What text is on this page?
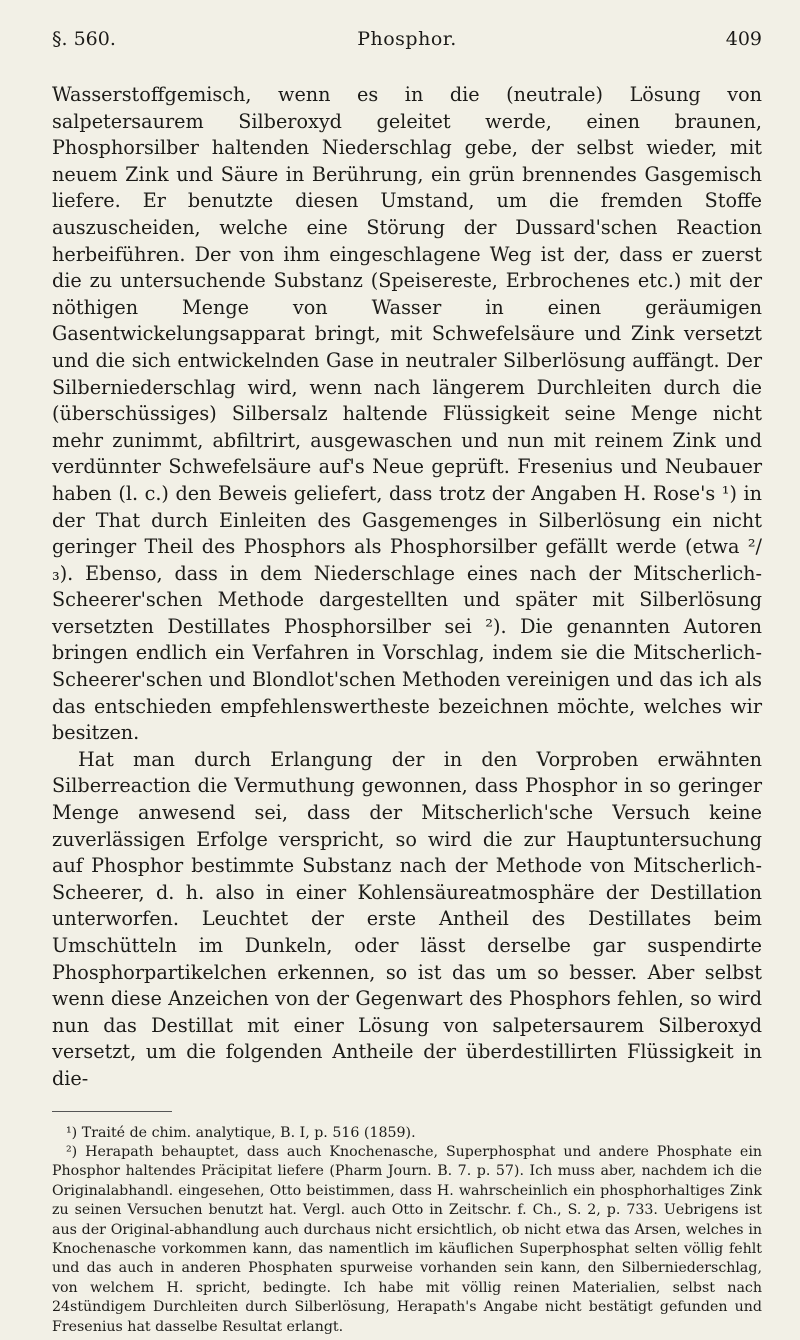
§. 560.	Phosphor.	409

Wasserstoffgemisch, wenn es in die (neutrale) Lösung von salpetersaurem Silberoxyd geleitet werde, einen braunen, Phosphorsilber haltenden Niederschlag gebe, der selbst wieder, mit neuem Zink und Säure in Berührung, ein grün brennendes Gasgemisch liefere. Er benutzte diesen Umstand, um die fremden Stoffe auszuscheiden, welche eine Störung der Dussard'schen Reaction herbeiführen. Der von ihm eingeschlagene Weg ist der, dass er zuerst die zu untersuchende Substanz (Speisereste, Erbrochenes etc.) mit der nöthigen Menge von Wasser in einen geräumigen Gasentwickelungsapparat bringt, mit Schwefelsäure und Zink versetzt und die sich entwickelnden Gase in neutraler Silberlösung auffängt. Der Silberniederschlag wird, wenn nach längerem Durchleiten durch die (überschüssiges) Silbersalz haltende Flüssigkeit seine Menge nicht mehr zunimmt, abfiltrirt, ausgewaschen und nun mit reinem Zink und verdünnter Schwefelsäure auf's Neue geprüft. Fresenius und Neubauer haben (l. c.) den Beweis geliefert, dass trotz der Angaben H. Rose's ¹) in der That durch Einleiten des Gasgemenges in Silberlösung ein nicht geringer Theil des Phosphors als Phosphorsilber gefällt werde (etwa ²/₃). Ebenso, dass in dem Niederschlage eines nach der Mitscherlich-Scheerer'schen Methode dargestellten und später mit Silberlösung versetzten Destillates Phosphorsilber sei ²). Die genannten Autoren bringen endlich ein Verfahren in Vorschlag, indem sie die Mitscherlich-Scheerer'schen und Blondlot'schen Methoden vereinigen und das ich als das entschieden empfehlenswertheste bezeichnen möchte, welches wir besitzen.

Hat man durch Erlangung der in den Vorproben erwähnten Silberreaction die Vermuthung gewonnen, dass Phosphor in so geringer Menge anwesend sei, dass der Mitscherlich'sche Versuch keine zuverlässigen Erfolge verspricht, so wird die zur Hauptuntersuchung auf Phosphor bestimmte Substanz nach der Methode von Mitscherlich-Scheerer, d. h. also in einer Kohlensäureatmosphäre der Destillation unterworfen. Leuchtet der erste Antheil des Destillates beim Umschütteln im Dunkeln, oder lässt derselbe gar suspendirte Phosphorpartikelchen erkennen, so ist das um so besser. Aber selbst wenn diese Anzeichen von der Gegenwart des Phosphors fehlen, so wird nun das Destillat mit einer Lösung von salpetersaurem Silberoxyd versetzt, um die folgenden Antheile der überdestillirten Flüssigkeit in die-

¹) Traité de chim. analytique, B. I, p. 516 (1859).

²) Herapath behauptet, dass auch Knochenasche, Superphosphat und andere Phosphate ein Phosphor haltendes Präcipitat liefere (Pharm Journ. B. 7. p. 57). Ich muss aber, nachdem ich die Originalabhandl. eingesehen, Otto beistimmen, dass H. wahrscheinlich ein phosphorhaltiges Zink zu seinen Versuchen benutzt hat. Vergl. auch Otto in Zeitschr. f. Ch., S. 2, p. 733. Uebrigens ist aus der Original-abhandlung auch durchaus nicht ersichtlich, ob nicht etwa das Arsen, welches in Knochenasche vorkommen kann, das namentlich im käuflichen Superphosphat selten völlig fehlt und das auch in anderen Phosphaten spurweise vorhanden sein kann, den Silberniederschlag, von welchem H. spricht, bedingte. Ich habe mit völlig reinen Materialien, selbst nach 24stündigem Durchleiten durch Silberlösung, Herapath's Angabe nicht bestätigt gefunden und Fresenius hat dasselbe Resultat erlangt.
